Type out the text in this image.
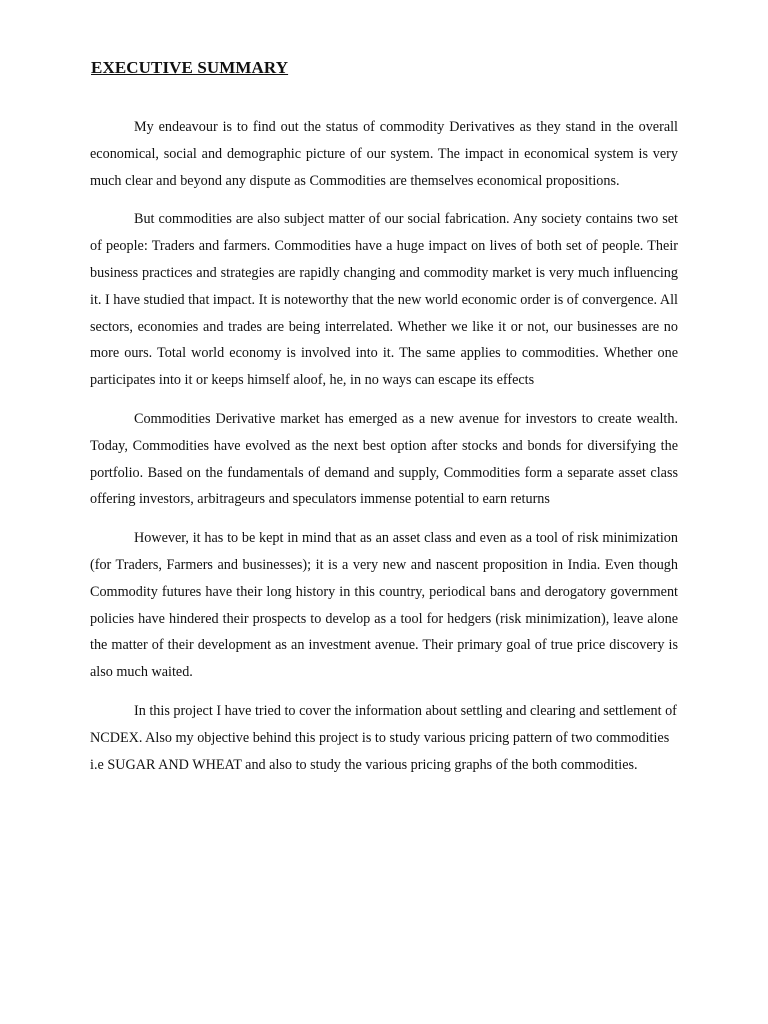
EXECUTIVE SUMMARY

My endeavour is to find out the status of commodity Derivatives as they stand in the overall economical, social and demographic picture of our system. The impact in economical system is very much clear and beyond any dispute as Commodities are themselves economical propositions.

But commodities are also subject matter of our social fabrication. Any society contains two set of people: Traders and farmers. Commodities have a huge impact on lives of both set of people. Their business practices and strategies are rapidly changing and commodity market is very much influencing it. I have studied that impact. It is noteworthy that the new world economic order is of convergence. All sectors, economies and trades are being interrelated. Whether we like it or not, our businesses are no more ours. Total world economy is involved into it. The same applies to commodities. Whether one participates into it or keeps himself aloof, he, in no ways can escape its effects

Commodities Derivative market has emerged as a new avenue for investors to create wealth. Today, Commodities have evolved as the next best option after stocks and bonds for diversifying the portfolio. Based on the fundamentals of demand and supply, Commodities form a separate asset class offering investors, arbitrageurs and speculators immense potential to earn returns

However, it has to be kept in mind that as an asset class and even as a tool of risk minimization (for Traders, Farmers and businesses); it is a very new and nascent proposition in India. Even though Commodity futures have their long history in this country, periodical bans and derogatory government policies have hindered their prospects to develop as a tool for hedgers (risk minimization), leave alone the matter of their development as an investment avenue. Their primary goal of true price discovery is also much waited.

In this project I have tried to cover the information about settling and clearing and settlement of NCDEX. Also my objective behind this project is to study various pricing pattern of two commodities i.e SUGAR AND WHEAT and also to study the various pricing graphs of the both commodities.
